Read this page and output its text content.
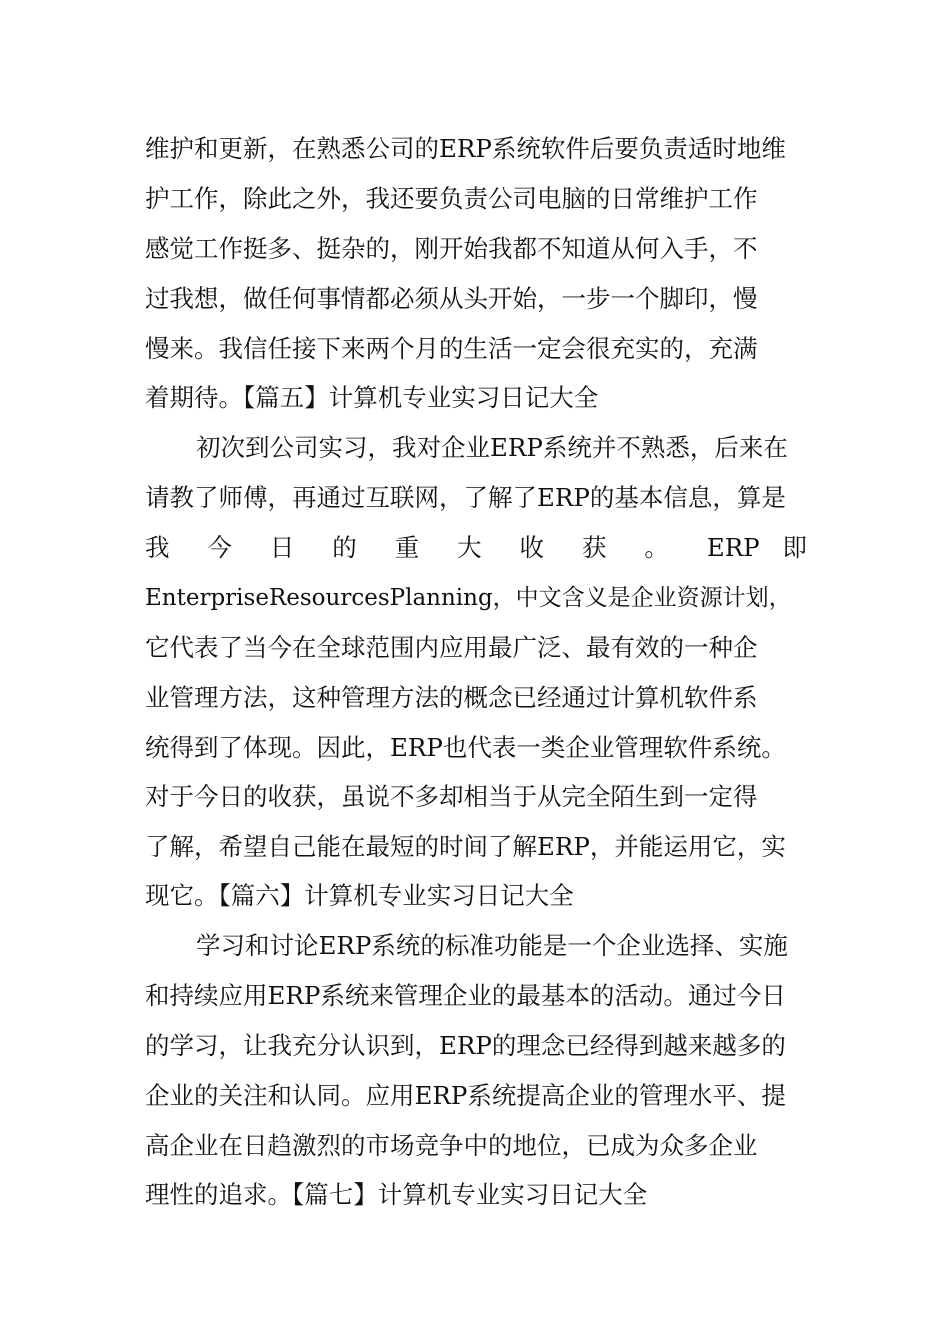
维护和更新，在熟悉公司的ERP系统软件后要负责适时地维
护工作，除此之外，我还要负责公司电脑的日常维护工作
感觉工作挺多、挺杂的，刚开始我都不知道从何入手，不
过我想，做任何事情都必须从头开始，一步一个脚印，慢
慢来。我信任接下来两个月的生活一定会很充实的，充满
着期待。【篇五】计算机专业实习日记大全
初次到公司实习，我对企业ERP系统并不熟悉，后来在
请教了师傅，再通过互联网，了解了ERP的基本信息，算是
我 今 日 的 重 大 收 获 。 ERP 即
EnterpriseResourcesPlanning，中文含义是企业资源计划，
它代表了当今在全球范围内应用最广泛、最有效的一种企
业管理方法，这种管理方法的概念已经通过计算机软件系
统得到了体现。因此，ERP也代表一类企业管理软件系统。
对于今日的收获，虽说不多却相当于从完全陌生到一定得
了解，希望自己能在最短的时间了解ERP，并能运用它，实
现它。【篇六】计算机专业实习日记大全
学习和讨论ERP系统的标准功能是一个企业选择、实施
和持续应用ERP系统来管理企业的最基本的活动。通过今日
的学习，让我充分认识到，ERP的理念已经得到越来越多的
企业的关注和认同。应用ERP系统提高企业的管理水平、提
高企业在日趋激烈的市场竞争中的地位，已成为众多企业
理性的追求。【篇七】计算机专业实习日记大全
